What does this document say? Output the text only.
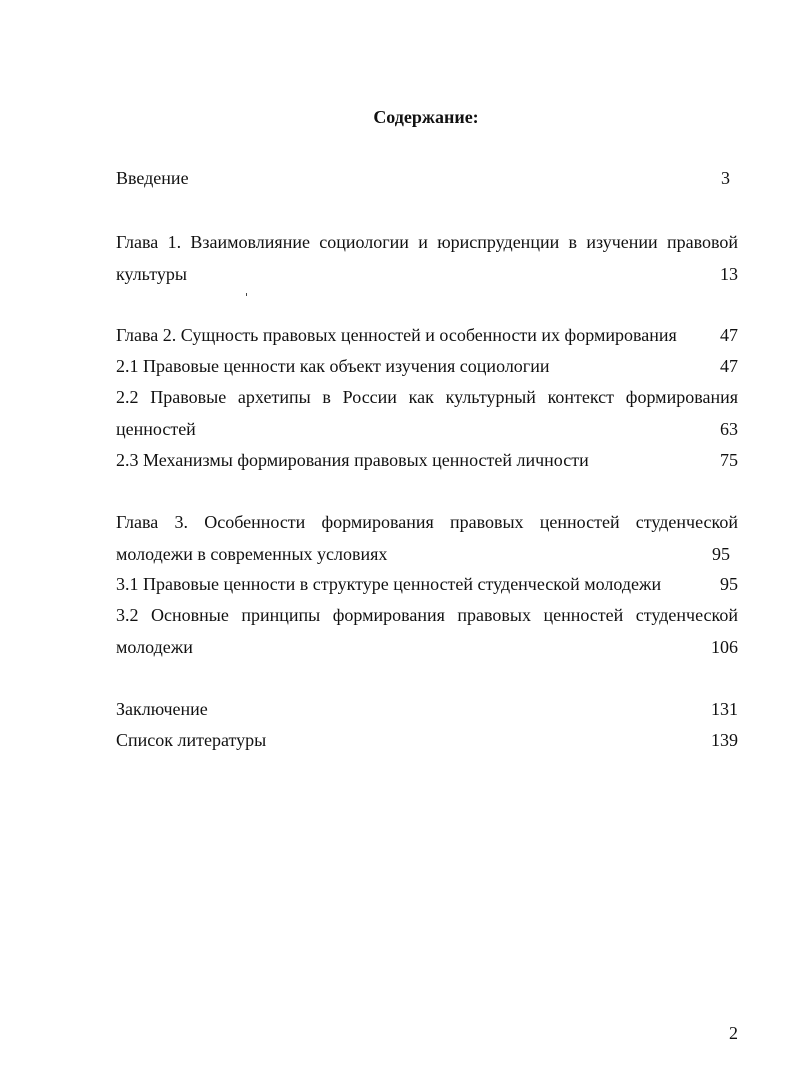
Содержание:
Введение	3
Глава 1. Взаимовлияние социологии и юриспруденции в изучении правовой
культуры	13
Глава 2. Сущность правовых ценностей и особенности их формирования	47
2.1 Правовые ценности как объект изучения социологии	47
2.2 Правовые архетипы в России как культурный контекст формирования
ценностей	63
2.3 Механизмы формирования правовых ценностей личности	75
Глава 3. Особенности формирования правовых ценностей студенческой
молодежи в современных условиях	95
3.1 Правовые ценности в структуре ценностей студенческой молодежи	95
3.2 Основные принципы формирования правовых ценностей студенческой
молодежи	106
Заключение	131
Список литературы	139
2
